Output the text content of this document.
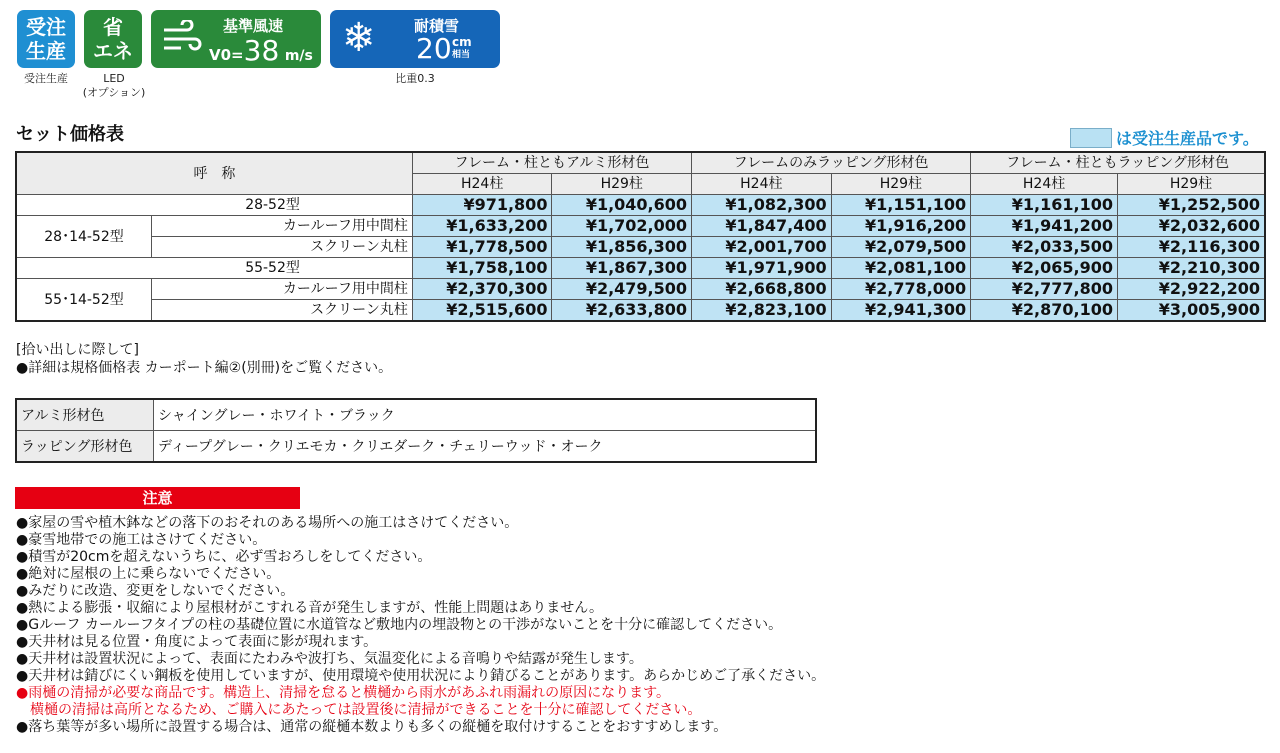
受注
生産
受注生産
省
エネ
LED
(オプション)
基準風速
V0=38 m/s ❄	耐積雪
20 cm
相当
比重0.3
セット価格表	は受注生産品です。
呼　称		フレーム・柱ともアルミ形材色		フレームのみラッピング形材色		フレーム・柱ともラッピング形材色	
		H24柱	H29柱	H24柱	H29柱	H24柱	H29柱
28-52型		¥971,800	¥1,040,600	¥1,082,300	¥1,151,100	¥1,161,100	¥1,252,500
28･14-52型	カールーフ用中間柱	¥1,633,200	¥1,702,000	¥1,847,400	¥1,916,200	¥1,941,200	¥2,032,600
	スクリーン丸柱	¥1,778,500	¥1,856,300	¥2,001,700	¥2,079,500	¥2,033,500	¥2,116,300
55-52型		¥1,758,100	¥1,867,300	¥1,971,900	¥2,081,100	¥2,065,900	¥2,210,300
55･14-52型	カールーフ用中間柱	¥2,370,300	¥2,479,500	¥2,668,800	¥2,778,000	¥2,777,800	¥2,922,200
	スクリーン丸柱	¥2,515,600	¥2,633,800	¥2,823,100	¥2,941,300	¥2,870,100	¥3,005,900
[拾い出しに際して]
●詳細は規格価格表 カーポート編②(別冊)をご覧ください。
アルミ形材色	シャイングレー・ホワイト・ブラック
ラッピング形材色	ディープグレー・クリエモカ・クリエダーク・チェリーウッド・オーク
注意
●家屋の雪や植木鉢などの落下のおそれのある場所への施工はさけてください。
●豪雪地帯での施工はさけてください。
●積雪が20cmを超えないうちに、必ず雪おろしをしてください。
●絶対に屋根の上に乗らないでください。
●みだりに改造、変更をしないでください。
●熱による膨張・収縮により屋根材がこすれる音が発生しますが、性能上問題はありません。
●Gルーフ カールーフタイプの柱の基礎位置に水道管など敷地内の埋設物との干渉がないことを十分に確認してください。
●天井材は見る位置・角度によって表面に影が現れます。
●天井材は設置状況によって、表面にたわみや波打ち、気温変化による音鳴りや結露が発生します。
●天井材は錆びにくい鋼板を使用していますが、使用環境や使用状況により錆びることがあります。あらかじめご了承ください。
●雨樋の清掃が必要な商品です。構造上、清掃を怠ると横樋から雨水があふれ雨漏れの原因になります。
　横樋の清掃は高所となるため、ご購入にあたっては設置後に清掃ができることを十分に確認してください。
●落ち葉等が多い場所に設置する場合は、通常の縦樋本数よりも多くの縦樋を取付けすることをおすすめします。
